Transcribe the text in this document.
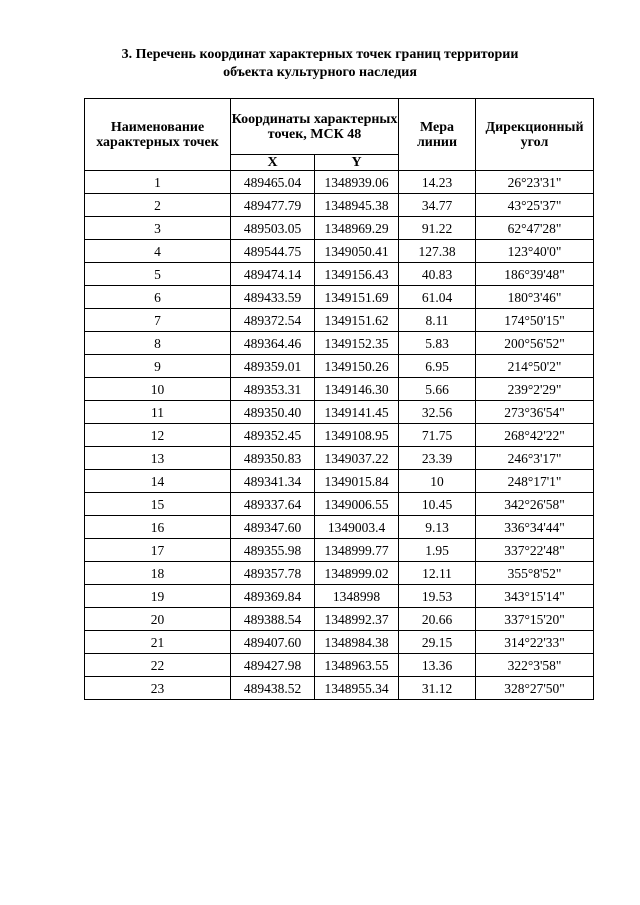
3. Перечень координат характерных точек границ территории
объекта культурного наследия
Наименование характерных точек	Координаты характерных точек, МСК 48		Мера линии	Дирекционный угол
	X	Y		
1	489465.04	1348939.06	14.23	26°23'31"
2	489477.79	1348945.38	34.77	43°25'37"
3	489503.05	1348969.29	91.22	62°47'28"
4	489544.75	1349050.41	127.38	123°40'0"
5	489474.14	1349156.43	40.83	186°39'48"
6	489433.59	1349151.69	61.04	180°3'46"
7	489372.54	1349151.62	8.11	174°50'15"
8	489364.46	1349152.35	5.83	200°56'52"
9	489359.01	1349150.26	6.95	214°50'2"
10	489353.31	1349146.30	5.66	239°2'29"
11	489350.40	1349141.45	32.56	273°36'54"
12	489352.45	1349108.95	71.75	268°42'22"
13	489350.83	1349037.22	23.39	246°3'17"
14	489341.34	1349015.84	10	248°17'1"
15	489337.64	1349006.55	10.45	342°26'58"
16	489347.60	1349003.4	9.13	336°34'44"
17	489355.98	1348999.77	1.95	337°22'48"
18	489357.78	1348999.02	12.11	355°8'52"
19	489369.84	1348998	19.53	343°15'14"
20	489388.54	1348992.37	20.66	337°15'20"
21	489407.60	1348984.38	29.15	314°22'33"
22	489427.98	1348963.55	13.36	322°3'58"
23	489438.52	1348955.34	31.12	328°27'50"
